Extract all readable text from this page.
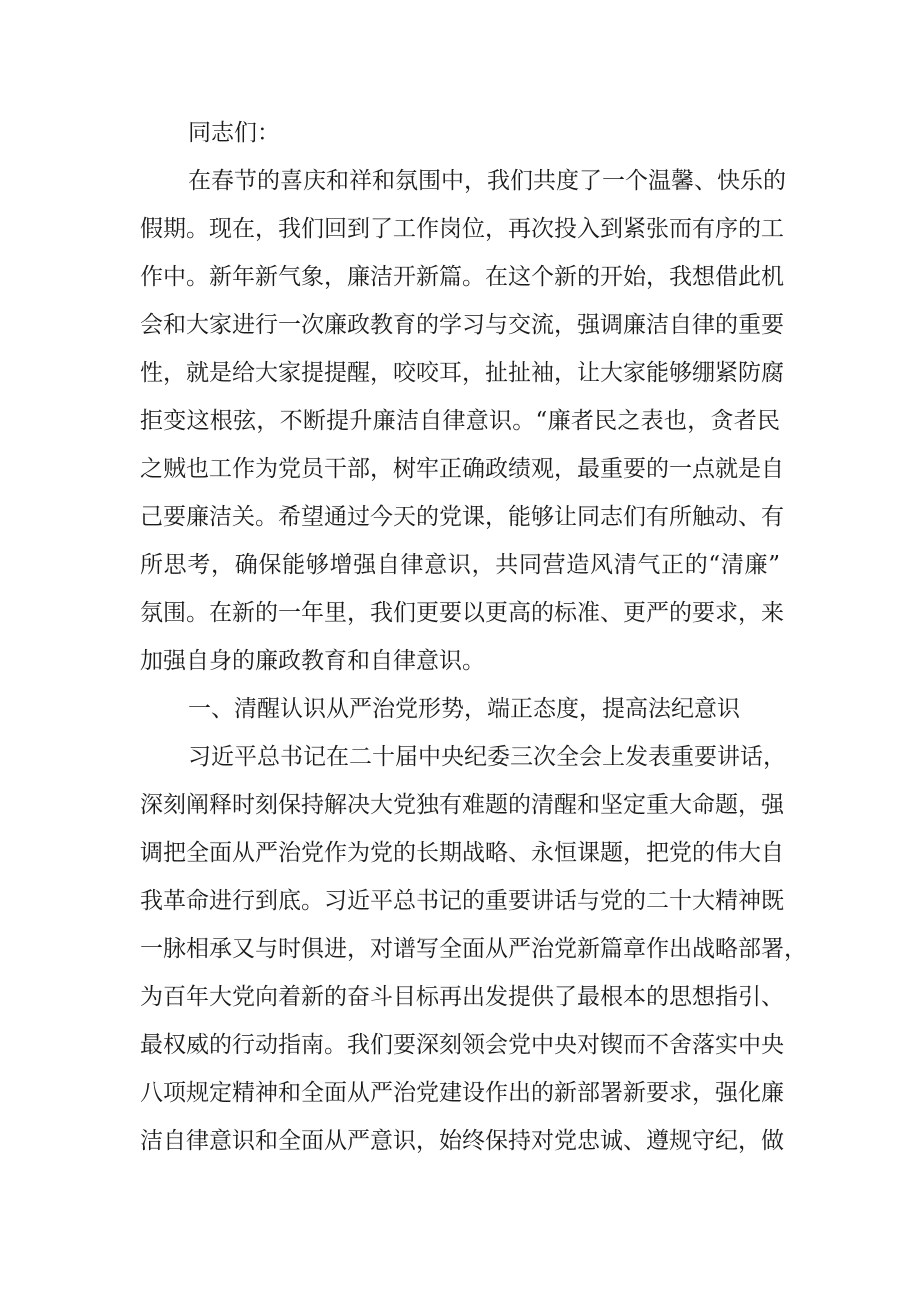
同志们：
在春节的喜庆和祥和氛围中，我们共度了一个温馨、快乐的
假期。现在，我们回到了工作岗位，再次投入到紧张而有序的工
作中。新年新气象，廉洁开新篇。在这个新的开始，我想借此机
会和大家进行一次廉政教育的学习与交流，强调廉洁自律的重要
性，就是给大家提提醒，咬咬耳，扯扯袖，让大家能够绷紧防腐
拒变这根弦，不断提升廉洁自律意识。“廉者民之表也，贪者民
之贼也工作为党员干部，树牢正确政绩观，最重要的一点就是自
己要廉洁关。希望通过今天的党课，能够让同志们有所触动、有
所思考，确保能够增强自律意识，共同营造风清气正的“清廉”
氛围。在新的一年里，我们更要以更高的标准、更严的要求，来
加强自身的廉政教育和自律意识。
一、清醒认识从严治党形势，端正态度，提高法纪意识
习近平总书记在二十届中央纪委三次全会上发表重要讲话，
深刻阐释时刻保持解决大党独有难题的清醒和坚定重大命题，强
调把全面从严治党作为党的长期战略、永恒课题，把党的伟大自
我革命进行到底。习近平总书记的重要讲话与党的二十大精神既
一脉相承又与时俱进，对谱写全面从严治党新篇章作出战略部署，
为百年大党向着新的奋斗目标再出发提供了最根本的思想指引、
最权威的行动指南。我们要深刻领会党中央对锲而不舍落实中央
八项规定精神和全面从严治党建设作出的新部署新要求，强化廉
洁自律意识和全面从严意识，始终保持对党忠诚、遵规守纪，做
